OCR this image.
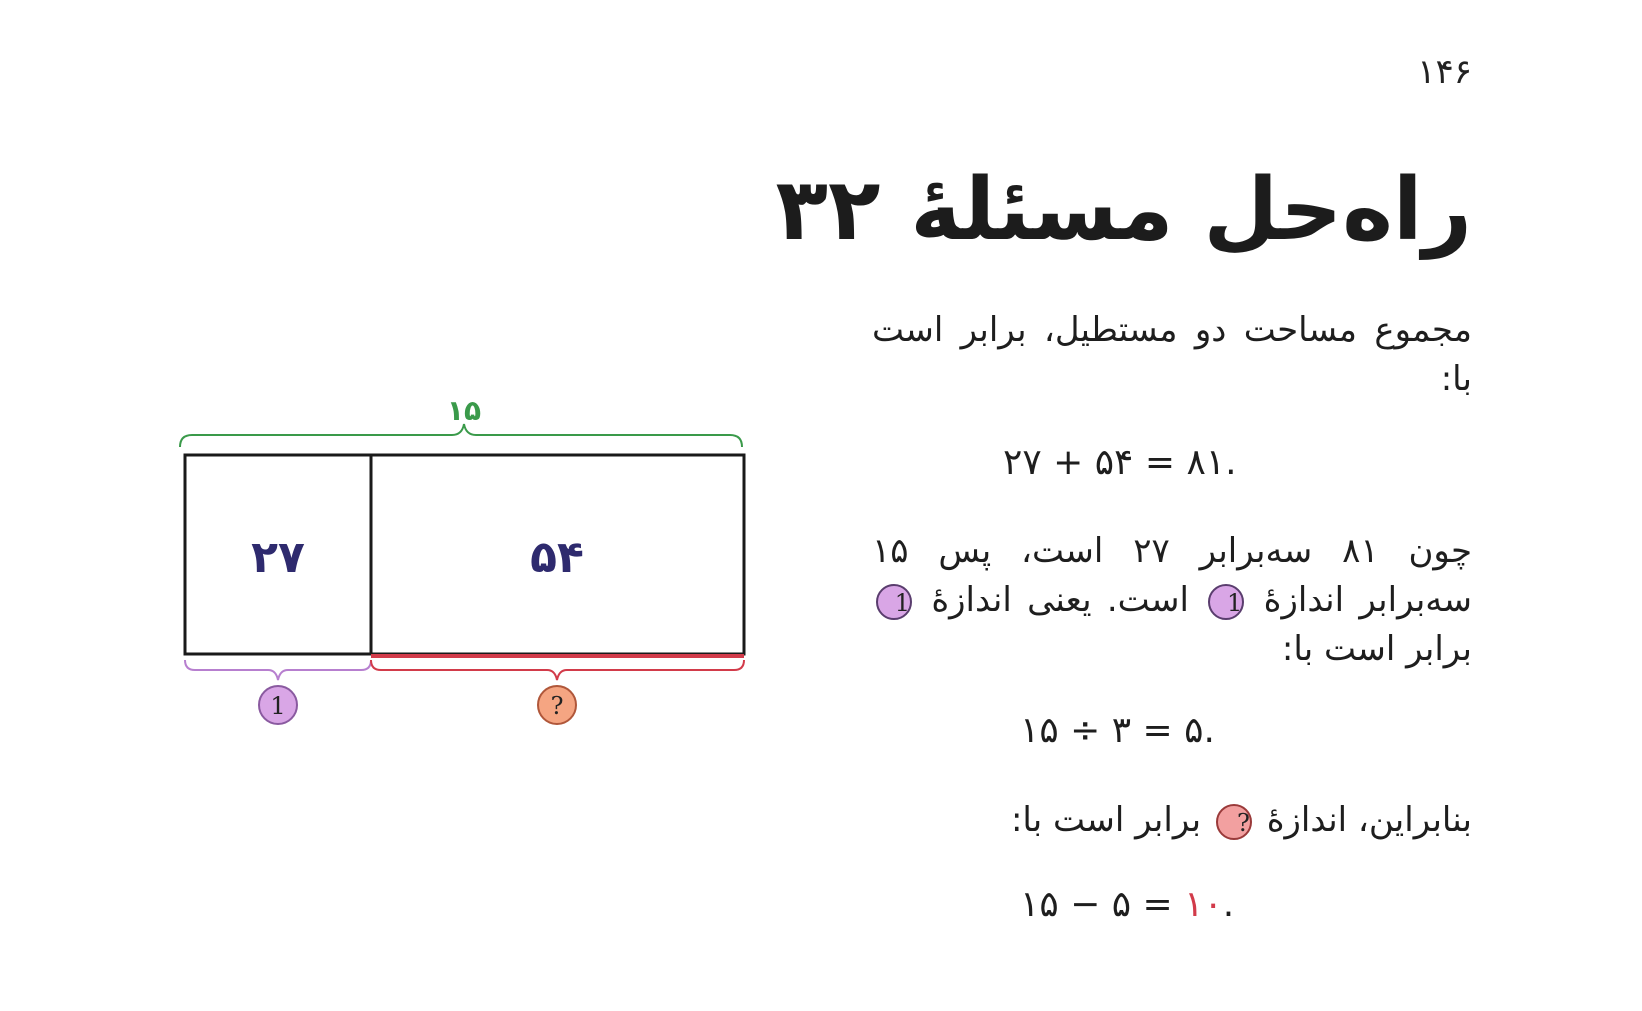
۱۴۶
راه‌حل مسئلهٔ ۳۲

مجموع مساحت دو مستطیل، برابر است با:

۲۷ + ۵۴ = ۸۱.

چون ۸۱ سه‌برابر ۲۷ است، پس ۱۵ سه‌برابر اندازهٔ 1 است. یعنی اندازهٔ 1 برابر است با:

۱۵ ÷ ۳ = ۵.

بنابراین، اندازهٔ ? برابر است با:

۱۵ − ۵ = ۱۰.
۱۵
۲۷	۵۴
1	?
